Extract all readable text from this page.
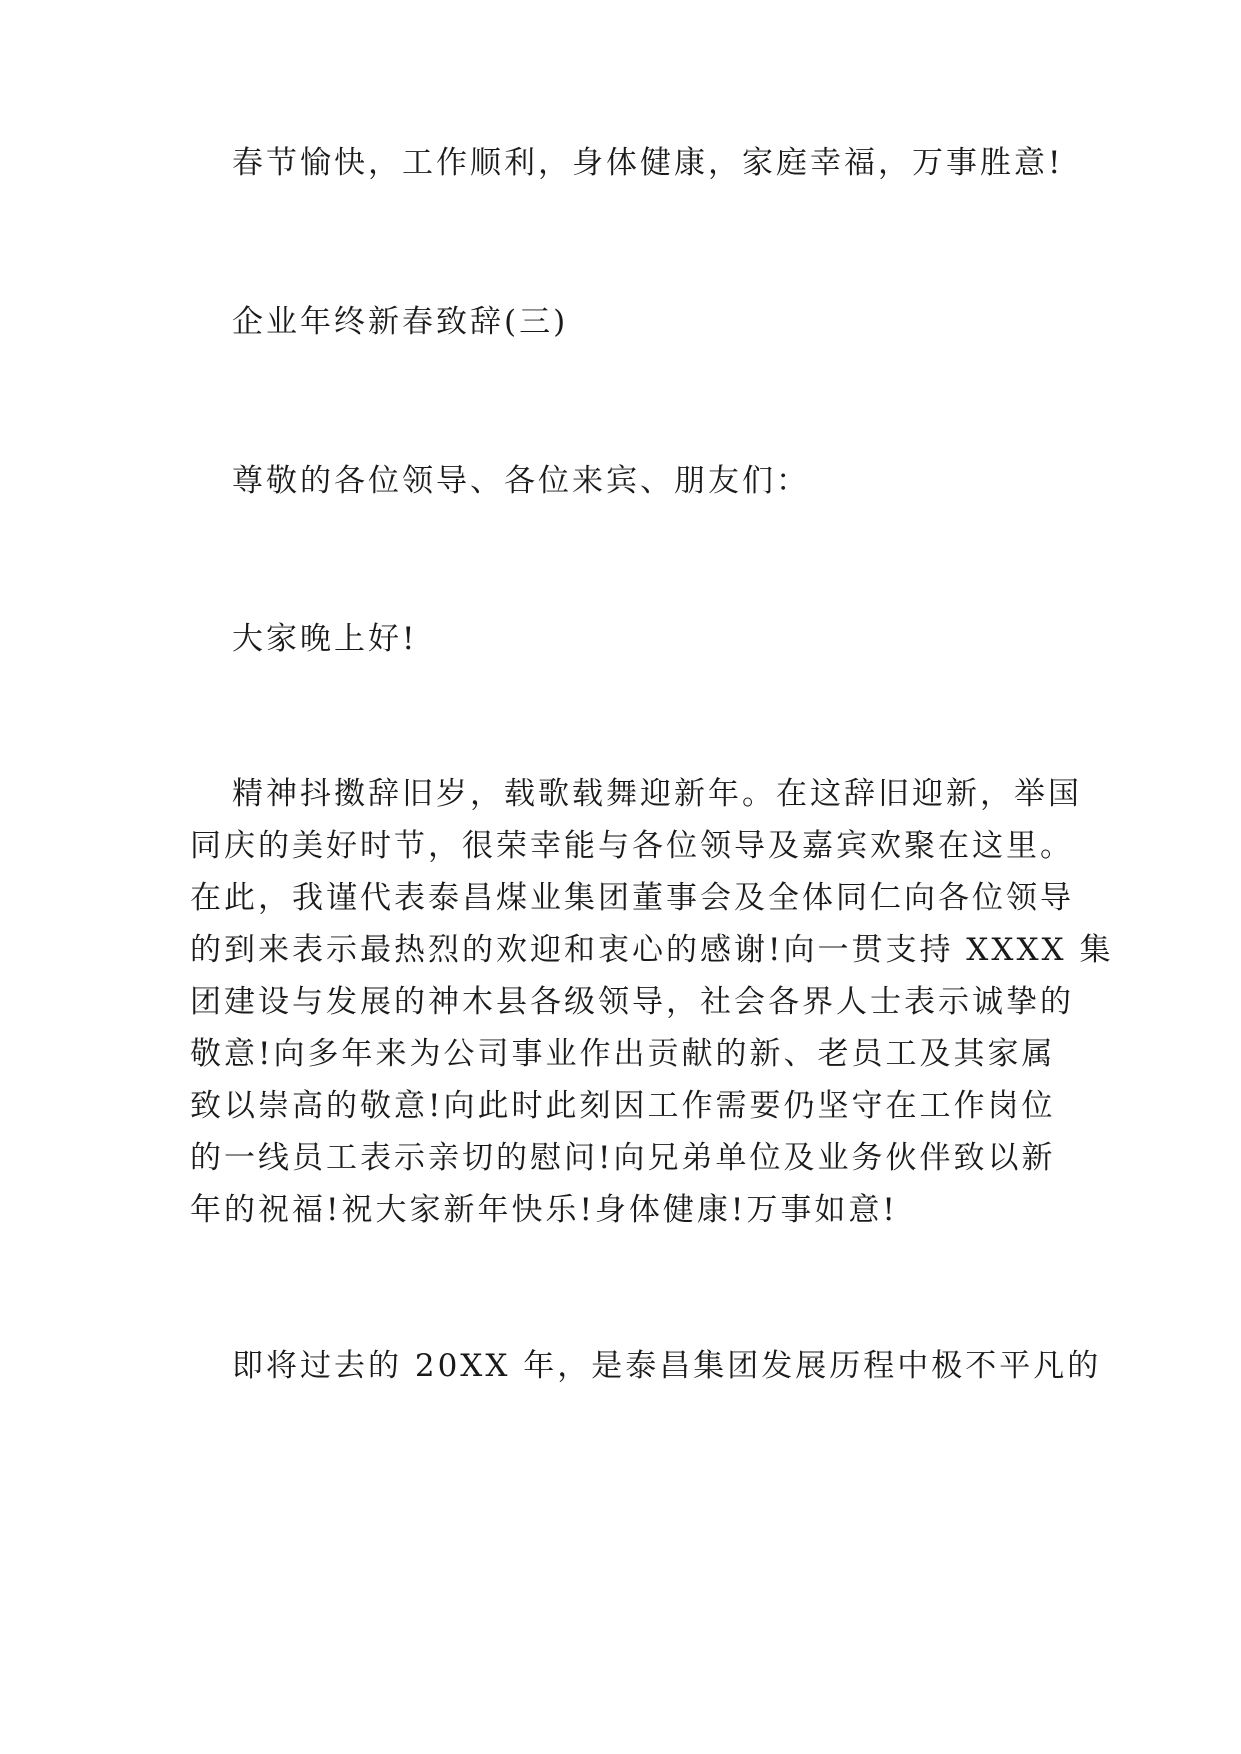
春节愉快，工作顺利，身体健康，家庭幸福，万事胜意!

企业年终新春致辞(三)

尊敬的各位领导、各位来宾、朋友们：

大家晚上好!

精神抖擞辞旧岁，载歌载舞迎新年。在这辞旧迎新，举国
同庆的美好时节，很荣幸能与各位领导及嘉宾欢聚在这里。
在此，我谨代表泰昌煤业集团董事会及全体同仁向各位领导
的到来表示最热烈的欢迎和衷心的感谢!向一贯支持 XXXX 集
团建设与发展的神木县各级领导，社会各界人士表示诚挚的
敬意!向多年来为公司事业作出贡献的新、老员工及其家属
致以崇高的敬意!向此时此刻因工作需要仍坚守在工作岗位
的一线员工表示亲切的慰问!向兄弟单位及业务伙伴致以新
年的祝福!祝大家新年快乐!身体健康!万事如意!

即将过去的 20XX 年，是泰昌集团发展历程中极不平凡的
